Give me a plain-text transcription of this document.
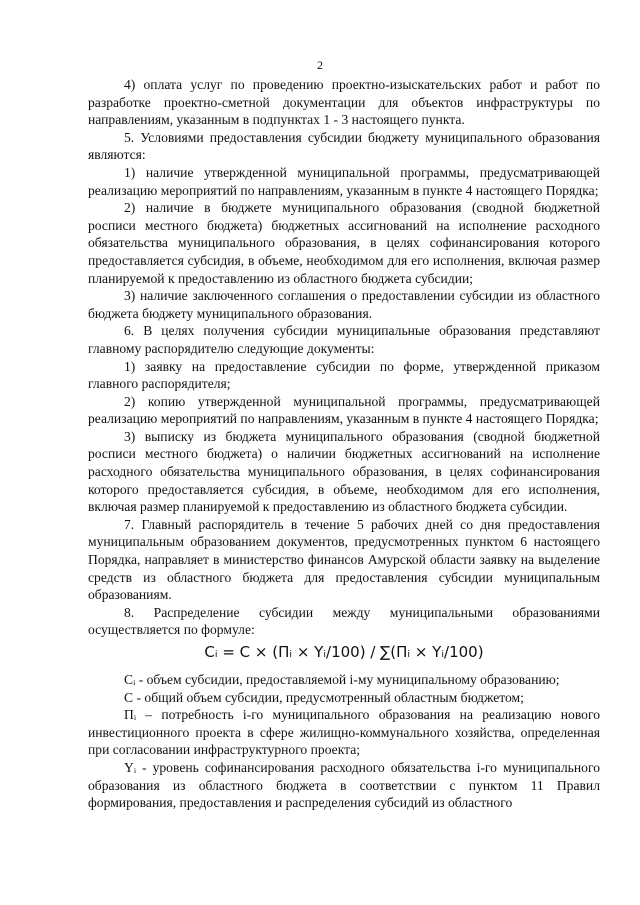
2

4) оплата услуг по проведению проектно-изыскательских работ и работ по разработке проектно-сметной документации для объектов инфраструктуры по направлениям, указанным в подпунктах 1 - 3 настоящего пункта.

5. Условиями предоставления субсидии бюджету муниципального образования являются:

1) наличие утвержденной муниципальной программы, предусматривающей реализацию мероприятий по направлениям, указанным в пункте 4 настоящего Порядка;

2) наличие в бюджете муниципального образования (сводной бюджетной росписи местного бюджета) бюджетных ассигнований на исполнение расходного обязательства муниципального образования, в целях софинансирования которого предоставляется субсидия, в объеме, необходимом для его исполнения, включая размер планируемой к предоставлению из областного бюджета субсидии;

3) наличие заключенного соглашения о предоставлении субсидии из областного бюджета бюджету муниципального образования.

6. В целях получения субсидии муниципальные образования представляют главному распорядителю следующие документы:

1) заявку на предоставление субсидии по форме, утвержденной приказом главного распорядителя;

2) копию утвержденной муниципальной программы, предусматривающей реализацию мероприятий по направлениям, указанным в пункте 4 настоящего Порядка;

3) выписку из бюджета муниципального образования (сводной бюджетной росписи местного бюджета) о наличии бюджетных ассигнований на исполнение расходного обязательства муниципального образования, в целях софинансирования которого предоставляется субсидия, в объеме, необходимом для его исполнения, включая размер планируемой к предоставлению из областного бюджета субсидии.

7. Главный распорядитель в течение 5 рабочих дней со дня предоставления муниципальным образованием документов, предусмотренных пунктом 6 настоящего Порядка, направляет в министерство финансов Амурской области заявку на выделение средств из областного бюджета для предоставления субсидии муниципальным образованиям.

8. Распределение субсидии между муниципальными образованиями осуществляется по формуле:

Cᵢ = C × (Пᵢ × Yᵢ/100) / ∑(Пᵢ × Yᵢ/100)

Cᵢ - объем субсидии, предоставляемой i-му муниципальному образованию;

C - общий объем субсидии, предусмотренный областным бюджетом;

Пᵢ – потребность i-го муниципального образования на реализацию нового инвестиционного проекта в сфере жилищно-коммунального хозяйства, определенная при согласовании инфраструктурного проекта;

Yᵢ - уровень софинансирования расходного обязательства i-го муниципального образования из областного бюджета в соответствии с пунктом 11 Правил формирования, предоставления и распределения субсидий из областного
